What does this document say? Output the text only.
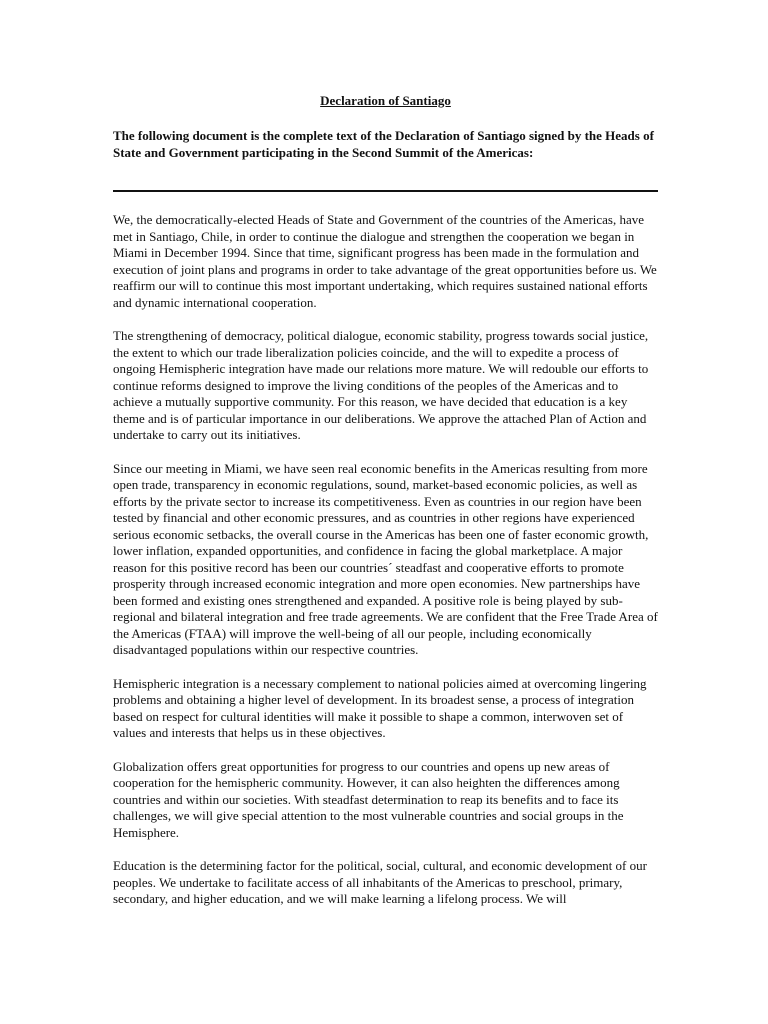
Declaration of Santiago

The following document is the complete text of the Declaration of Santiago signed by the Heads of State and Government participating in the Second Summit of the Americas:

We, the democratically-elected Heads of State and Government of the countries of the Americas, have met in Santiago, Chile, in order to continue the dialogue and strengthen the cooperation we began in Miami in December 1994. Since that time, significant progress has been made in the formulation and execution of joint plans and programs in order to take advantage of the great opportunities before us. We reaffirm our will to continue this most important undertaking, which requires sustained national efforts and dynamic international cooperation.

The strengthening of democracy, political dialogue, economic stability, progress towards social justice, the extent to which our trade liberalization policies coincide, and the will to expedite a process of ongoing Hemispheric integration have made our relations more mature. We will redouble our efforts to continue reforms designed to improve the living conditions of the peoples of the Americas and to achieve a mutually supportive community. For this reason, we have decided that education is a key theme and is of particular importance in our deliberations. We approve the attached Plan of Action and undertake to carry out its initiatives.

Since our meeting in Miami, we have seen real economic benefits in the Americas resulting from more open trade, transparency in economic regulations, sound, market-based economic policies, as well as efforts by the private sector to increase its competitiveness. Even as countries in our region have been tested by financial and other economic pressures, and as countries in other regions have experienced serious economic setbacks, the overall course in the Americas has been one of faster economic growth, lower inflation, expanded opportunities, and confidence in facing the global marketplace. A major reason for this positive record has been our countries´ steadfast and cooperative efforts to promote prosperity through increased economic integration and more open economies. New partnerships have been formed and existing ones strengthened and expanded. A positive role is being played by sub-regional and bilateral integration and free trade agreements. We are confident that the Free Trade Area of the Americas (FTAA) will improve the well-being of all our people, including economically disadvantaged populations within our respective countries.

Hemispheric integration is a necessary complement to national policies aimed at overcoming lingering problems and obtaining a higher level of development. In its broadest sense, a process of integration based on respect for cultural identities will make it possible to shape a common, interwoven set of values and interests that helps us in these objectives.

Globalization offers great opportunities for progress to our countries and opens up new areas of cooperation for the hemispheric community. However, it can also heighten the differences among countries and within our societies. With steadfast determination to reap its benefits and to face its challenges, we will give special attention to the most vulnerable countries and social groups in the Hemisphere.

Education is the determining factor for the political, social, cultural, and economic development of our peoples. We undertake to facilitate access of all inhabitants of the Americas to preschool, primary, secondary, and higher education, and we will make learning a lifelong process. We will
